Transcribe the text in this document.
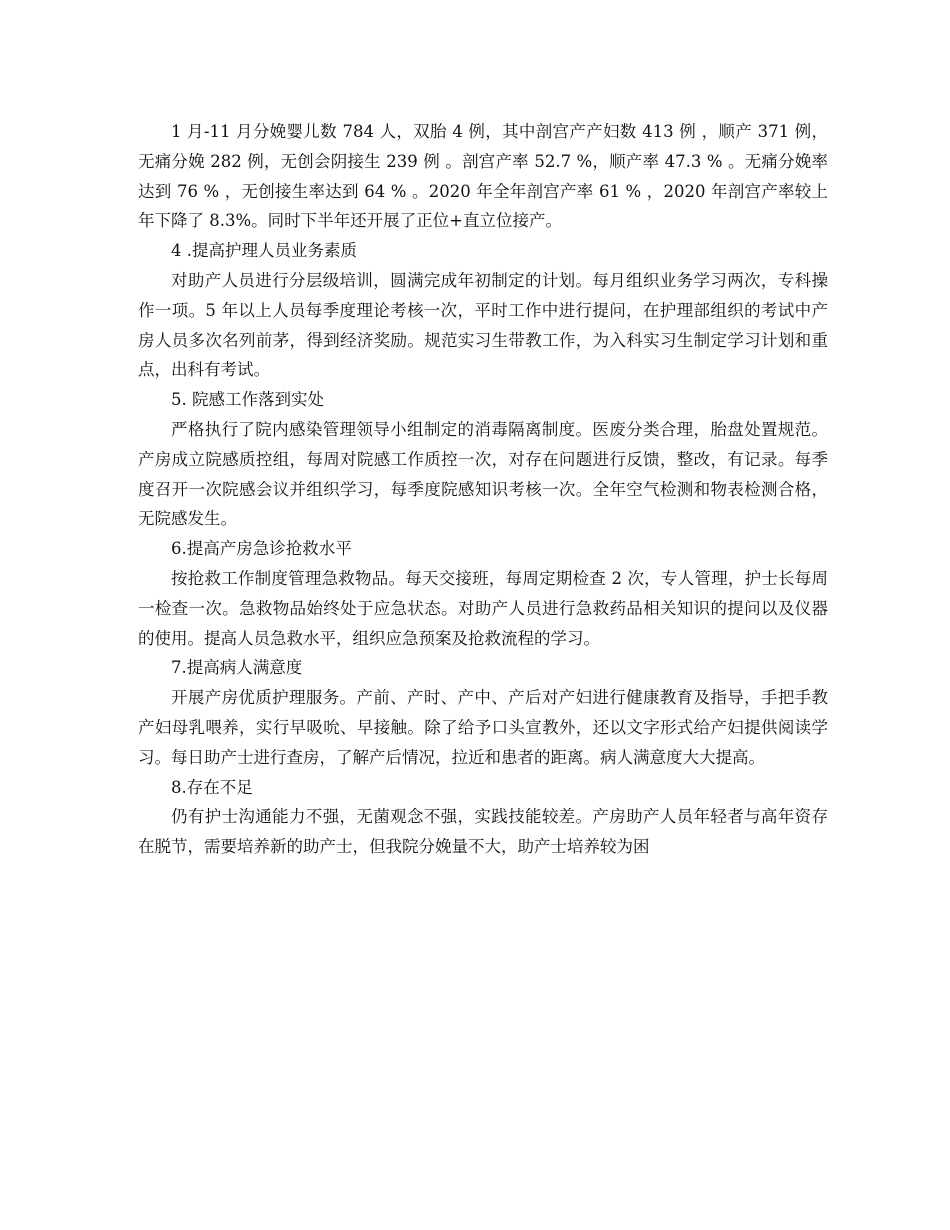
1 月-11 月分娩婴儿数 784 人，双胎 4 例，其中剖宫产产妇数 413 例 ，顺产 371 例，无痛分娩 282 例，无创会阴接生 239 例 。剖宫产率 52.7 %，顺产率 47.3 % 。无痛分娩率达到 76 % ，无创接生率达到 64 % 。2020 年全年剖宫产率 61 % ，2020 年剖宫产率较上年下降了 8.3%。同时下半年还开展了正位+直立位接产。

4 .提高护理人员业务素质

对助产人员进行分层级培训，圆满完成年初制定的计划。每月组织业务学习两次，专科操作一项。5 年以上人员每季度理论考核一次，平时工作中进行提问，在护理部组织的考试中产房人员多次名列前茅，得到经济奖励。规范实习生带教工作，为入科实习生制定学习计划和重点，出科有考试。

5. 院感工作落到实处

严格执行了院内感染管理领导小组制定的消毒隔离制度。医废分类合理，胎盘处置规范。产房成立院感质控组，每周对院感工作质控一次，对存在问题进行反馈，整改，有记录。每季度召开一次院感会议并组织学习，每季度院感知识考核一次。全年空气检测和物表检测合格，无院感发生。

6.提高产房急诊抢救水平

按抢救工作制度管理急救物品。每天交接班，每周定期检查 2 次，专人管理，护士长每周一检查一次。急救物品始终处于应急状态。对助产人员进行急救药品相关知识的提问以及仪器的使用。提高人员急救水平，组织应急预案及抢救流程的学习。

7.提高病人满意度

开展产房优质护理服务。产前、产时、产中、产后对产妇进行健康教育及指导，手把手教产妇母乳喂养，实行早吸吮、早接触。除了给予口头宣教外，还以文字形式给产妇提供阅读学习。每日助产士进行查房，了解产后情况，拉近和患者的距离。病人满意度大大提高。

8.存在不足

仍有护士沟通能力不强，无菌观念不强，实践技能较差。产房助产人员年轻者与高年资存在脱节，需要培养新的助产士，但我院分娩量不大，助产士培养较为困
